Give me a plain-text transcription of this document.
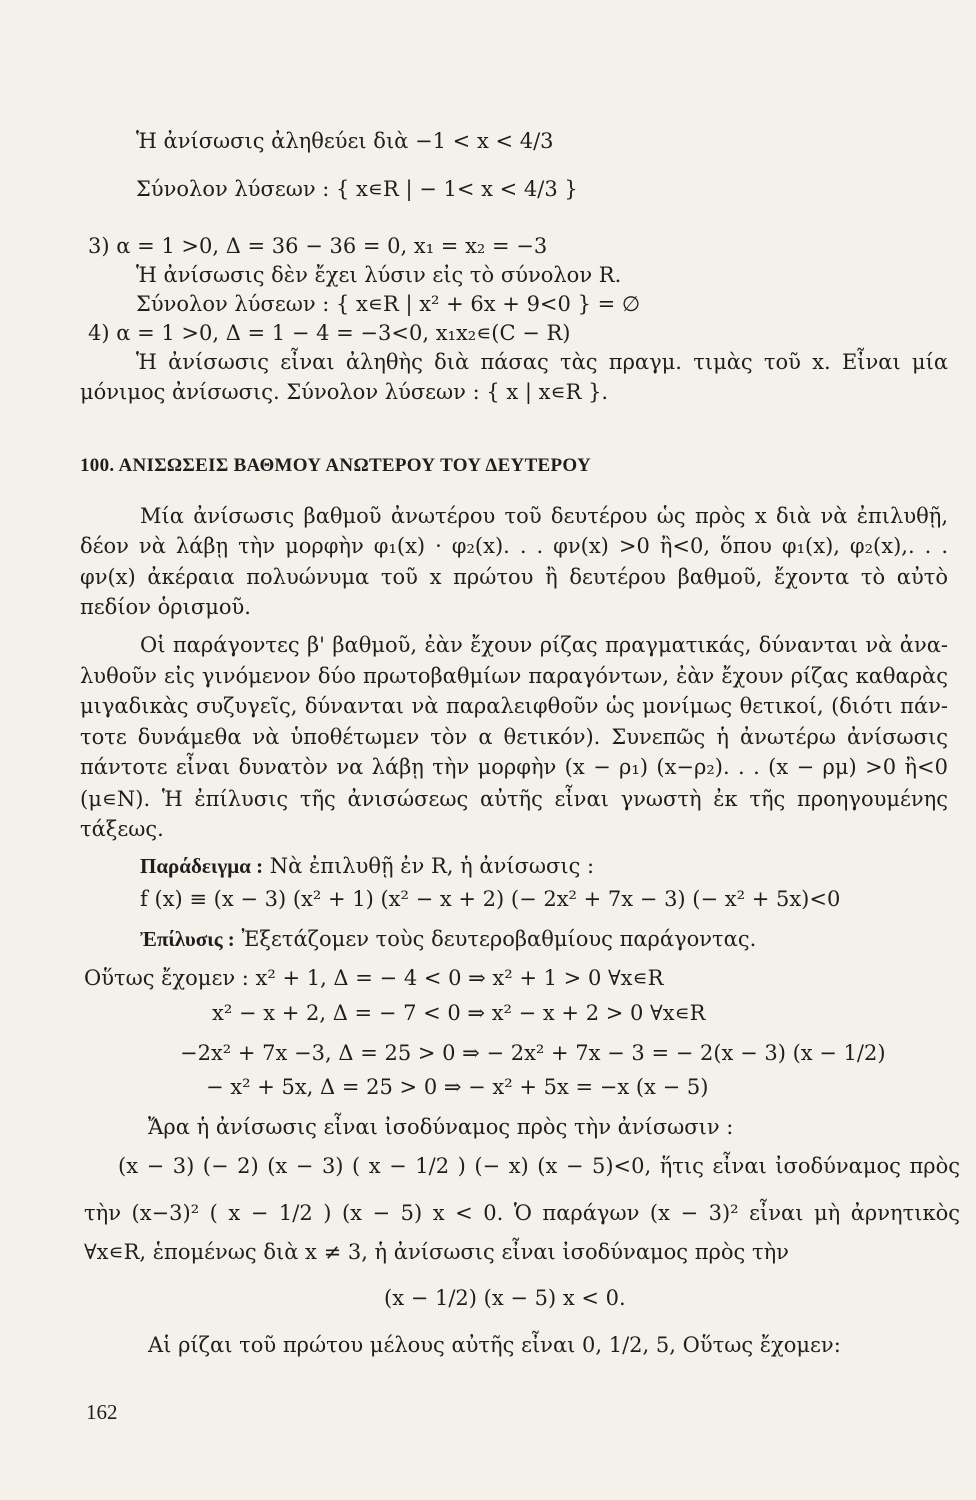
Ἡ ἀνίσωσις ἀληθεύει διὰ −1 < x < 4/3
Σύνολον λύσεων : { x∊R | − 1< x < 4/3 }
3) α = 1 >0, Δ = 36 − 36 = 0, x₁ = x₂ = −3
Ἡ ἀνίσωσις δὲν ἔχει λύσιν εἰς τὸ σύνολον R.
Σύνολον λύσεων : { x∊R | x² + 6x + 9<0 } = ∅
4) α = 1 >0, Δ = 1 − 4 = −3<0, x₁x₂∊(C − R)
Ἡ ἀνίσωσις εἶναι ἀληθὴς διὰ πάσας τὰς πραγμ. τιμὰς τοῦ x. Εἶναι μία
μόνιμος ἀνίσωσις. Σύνολον λύσεων : { x | x∊R }.
100. ΑΝΙΣΩΣΕΙΣ ΒΑΘΜΟΥ ΑΝΩΤΕΡΟΥ ΤΟΥ ΔΕΥΤΕΡΟΥ
Μία ἀνίσωσις βαθμοῦ ἀνωτέρου τοῦ δευτέρου ὡς πρὸς x διὰ νὰ ἐπιλυθῇ,
δέον νὰ λάβῃ τὴν μορφὴν φ₁(x) · φ₂(x). . . φν(x) >0 ἢ<0, ὅπου φ₁(x), φ₂(x),. . .
φν(x) ἀκέραια πολυώνυμα τοῦ x πρώτου ἢ δευτέρου βαθμοῦ, ἔχοντα τὸ αὐτὸ
πεδίον ὁρισμοῦ.
Οἱ παράγοντες β' βαθμοῦ, ἐὰν ἔχουν ρίζας πραγματικάς, δύνανται νὰ ἀνα-
λυθοῦν εἰς γινόμενον δύο πρωτοβαθμίων παραγόντων, ἐὰν ἔχουν ρίζας καθαρὰς
μιγαδικὰς συζυγεῖς, δύνανται νὰ παραλειφθοῦν ὡς μονίμως θετικοί, (διότι πάν-
τοτε δυνάμεθα νὰ ὑποθέτωμεν τὸν α θετικόν). Συνεπῶς ἡ ἀνωτέρω ἀνίσωσις
πάντοτε εἶναι δυνατὸν να λάβῃ τὴν μορφὴν (x − ρ₁) (x−ρ₂). . . (x − ρμ) >0 ἢ<0
(μ∊N). Ἡ ἐπίλυσις τῆς ἀνισώσεως αὐτῆς εἶναι γνωστὴ ἐκ τῆς προηγουμένης
τάξεως.
Παράδειγμα : Νὰ ἐπιλυθῇ ἐν R, ἡ ἀνίσωσις :
f (x) ≡ (x − 3) (x² + 1) (x² − x + 2) (− 2x² + 7x − 3) (− x² + 5x)<0
Ἐπίλυσις : Ἐξετάζομεν τοὺς δευτεροβαθμίους παράγοντας.
Οὕτως ἔχομεν : x² + 1, Δ = − 4 < 0 ⇒ x² + 1 > 0 ∀x∊R
x² − x + 2, Δ = − 7 < 0 ⇒ x² − x + 2 > 0 ∀x∊R
−2x² + 7x −3, Δ = 25 > 0 ⇒ − 2x² + 7x − 3 = − 2(x − 3) (x − 1/2)
− x² + 5x, Δ = 25 > 0 ⇒ − x² + 5x = −x (x − 5)
Ἄρα ἡ ἀνίσωσις εἶναι ἰσοδύναμος πρὸς τὴν ἀνίσωσιν :
(x − 3) (− 2) (x − 3) ( x − 1/2 ) (− x) (x − 5)<0, ἥτις εἶναι ἰσοδύναμος πρὸς
τὴν (x−3)² ( x − 1/2 ) (x − 5) x < 0. Ὁ παράγων (x − 3)² εἶναι μὴ ἀρνητικὸς
∀x∊R, ἑπομένως διὰ x ≠ 3, ἡ ἀνίσωσις εἶναι ἰσοδύναμος πρὸς τὴν
(x − 1/2) (x − 5) x < 0.
Αἱ ρίζαι τοῦ πρώτου μέλους αὐτῆς εἶναι 0, 1/2, 5, Οὕτως ἔχομεν:
162
